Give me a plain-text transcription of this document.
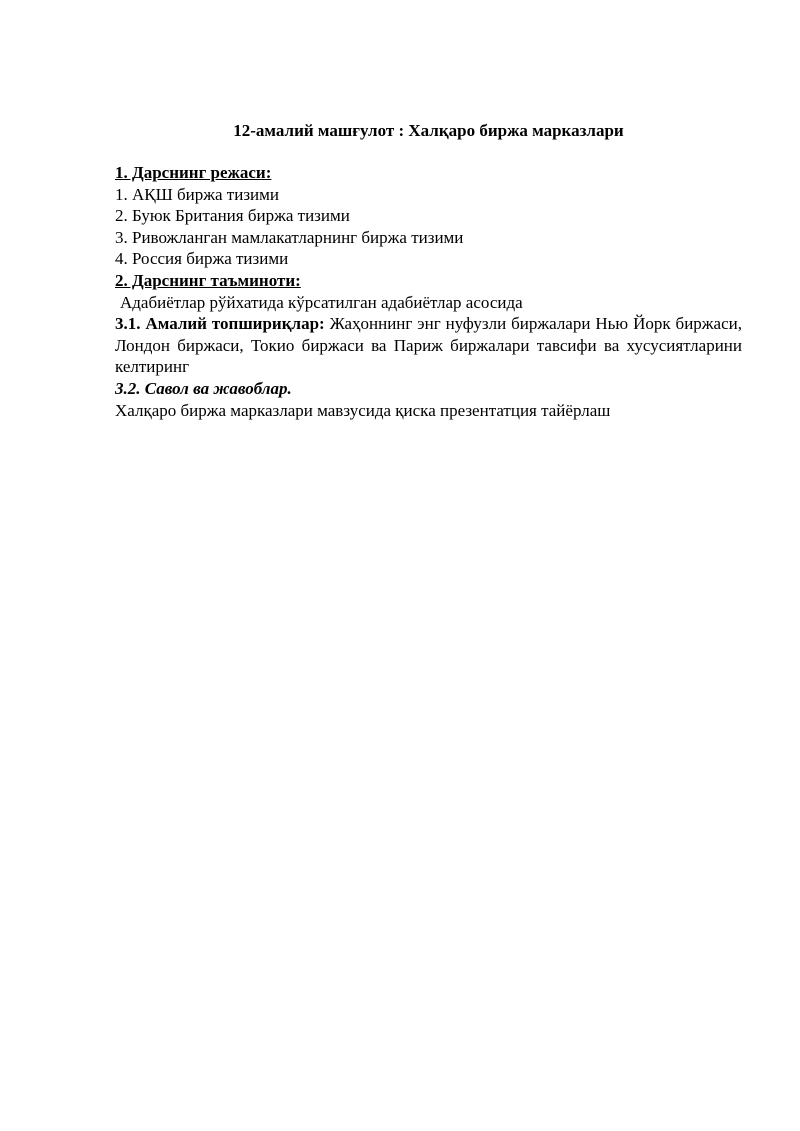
12-амалий машғулот : Халқаро биржа марказлари

1. Дарснинг режаси:

1. АҚШ биржа тизими

2. Буюк Британия биржа тизими

3. Ривожланган мамлакатларнинг биржа тизими

4. Россия биржа тизими

2. Дарснинг таъминоти:

Адабиётлар рўйхатида кўрсатилган адабиётлар асосида

3.1. Амалий топшириқлар: Жаҳоннинг энг нуфузли биржалари Нью Йорк биржаси, Лондон биржаси, Токио биржаси ва Париж биржалари тавсифи ва хусусиятларини келтиринг

3.2. Савол ва жавоблар.

Халқаро биржа марказлари мавзусида қиска презентатция тайёрлаш
